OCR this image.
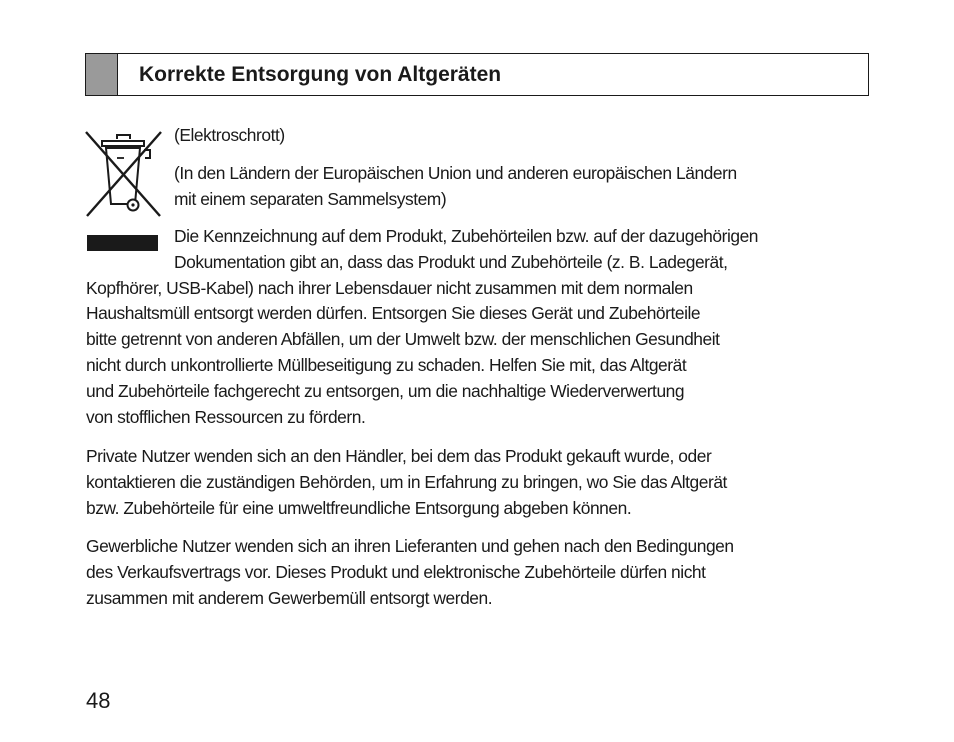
Korrekte Entsorgung von Altgeräten

(Elektroschrott)

(In den Ländern der Europäischen Union und anderen europäischen Ländern
mit einem separaten Sammelsystem)
Die Kennzeichnung auf dem Produkt, Zubehörteilen bzw. auf der dazugehörigen
Dokumentation gibt an, dass das Produkt und Zubehörteile (z. B. Ladegerät,
Kopfhörer, USB-Kabel) nach ihrer Lebensdauer nicht zusammen mit dem normalen
Haushaltsmüll entsorgt werden dürfen. Entsorgen Sie dieses Gerät und Zubehörteile
bitte getrennt von anderen Abfällen, um der Umwelt bzw. der menschlichen Gesundheit
nicht durch unkontrollierte Müllbeseitigung zu schaden. Helfen Sie mit, das Altgerät
und Zubehörteile fachgerecht zu entsorgen, um die nachhaltige Wiederverwertung
von stofflichen Ressourcen zu fördern.
Private Nutzer wenden sich an den Händler, bei dem das Produkt gekauft wurde, oder
kontaktieren die zuständigen Behörden, um in Erfahrung zu bringen, wo Sie das Altgerät
bzw. Zubehörteile für eine umweltfreundliche Entsorgung abgeben können.
Gewerbliche Nutzer wenden sich an ihren Lieferanten und gehen nach den Bedingungen
des Verkaufsvertrags vor. Dieses Produkt und elektronische Zubehörteile dürfen nicht
zusammen mit anderem Gewerbemüll entsorgt werden.
48
